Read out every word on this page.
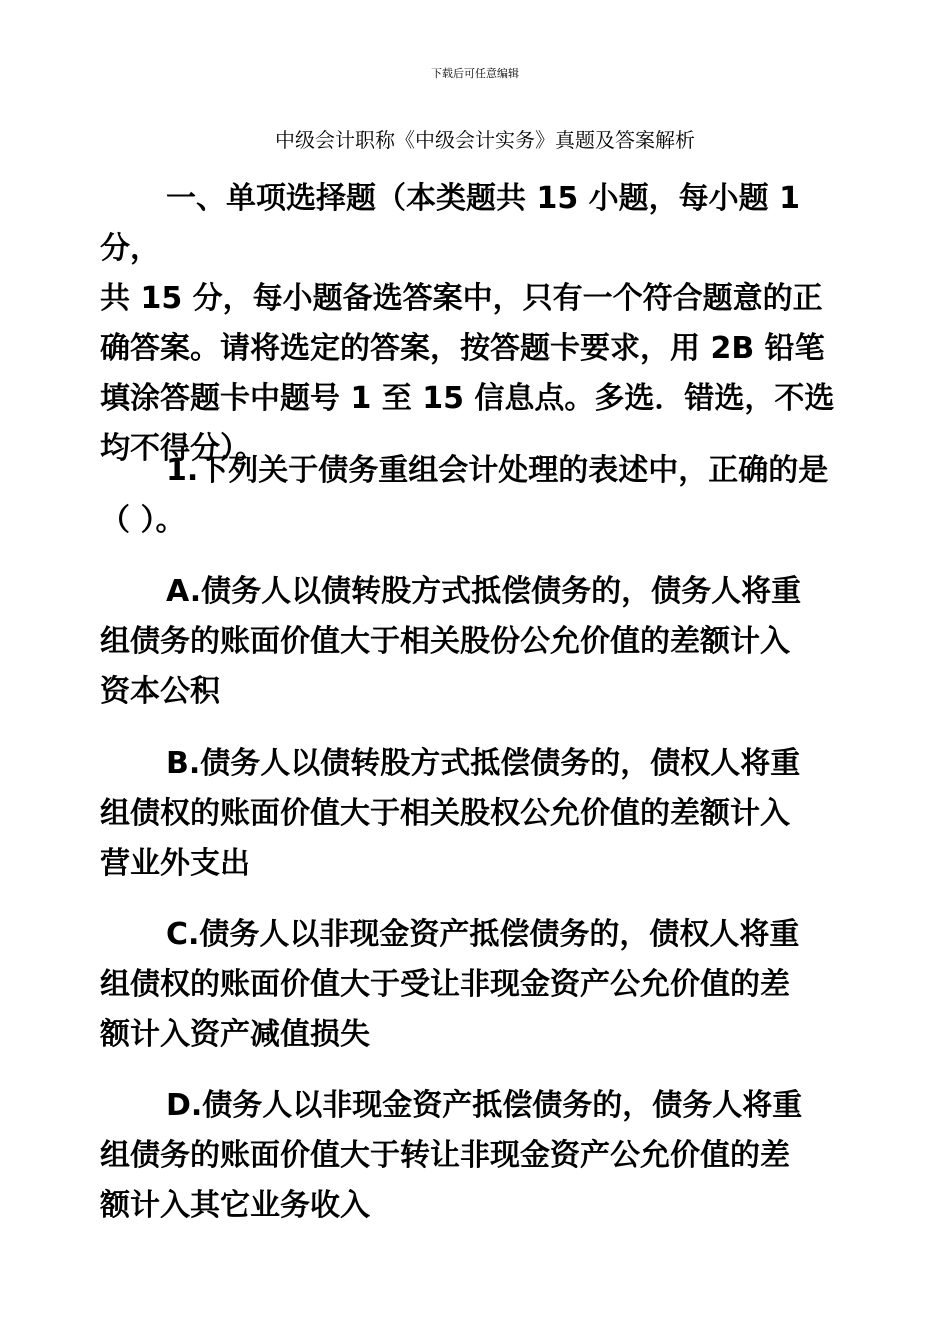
下载后可任意编辑
中级会计职称《中级会计实务》真题及答案解析
一、单项选择题（本类题共 15 小题，每小题 1 分，
共 15 分，每小题备选答案中，只有一个符合题意的正
确答案。请将选定的答案，按答题卡要求，用 2B 铅笔
填涂答题卡中题号 1 至 15 信息点。多选．错选，不选
均不得分）。
1.下列关于债务重组会计处理的表述中，正确的是
（ ）。
A.债务人以债转股方式抵偿债务的，债务人将重
组债务的账面价值大于相关股份公允价值的差额计入
资本公积
B.债务人以债转股方式抵偿债务的，债权人将重
组债权的账面价值大于相关股权公允价值的差额计入
营业外支出
C.债务人以非现金资产抵偿债务的，债权人将重
组债权的账面价值大于受让非现金资产公允价值的差
额计入资产减值损失
D.债务人以非现金资产抵偿债务的，债务人将重
组债务的账面价值大于转让非现金资产公允价值的差
额计入其它业务收入
